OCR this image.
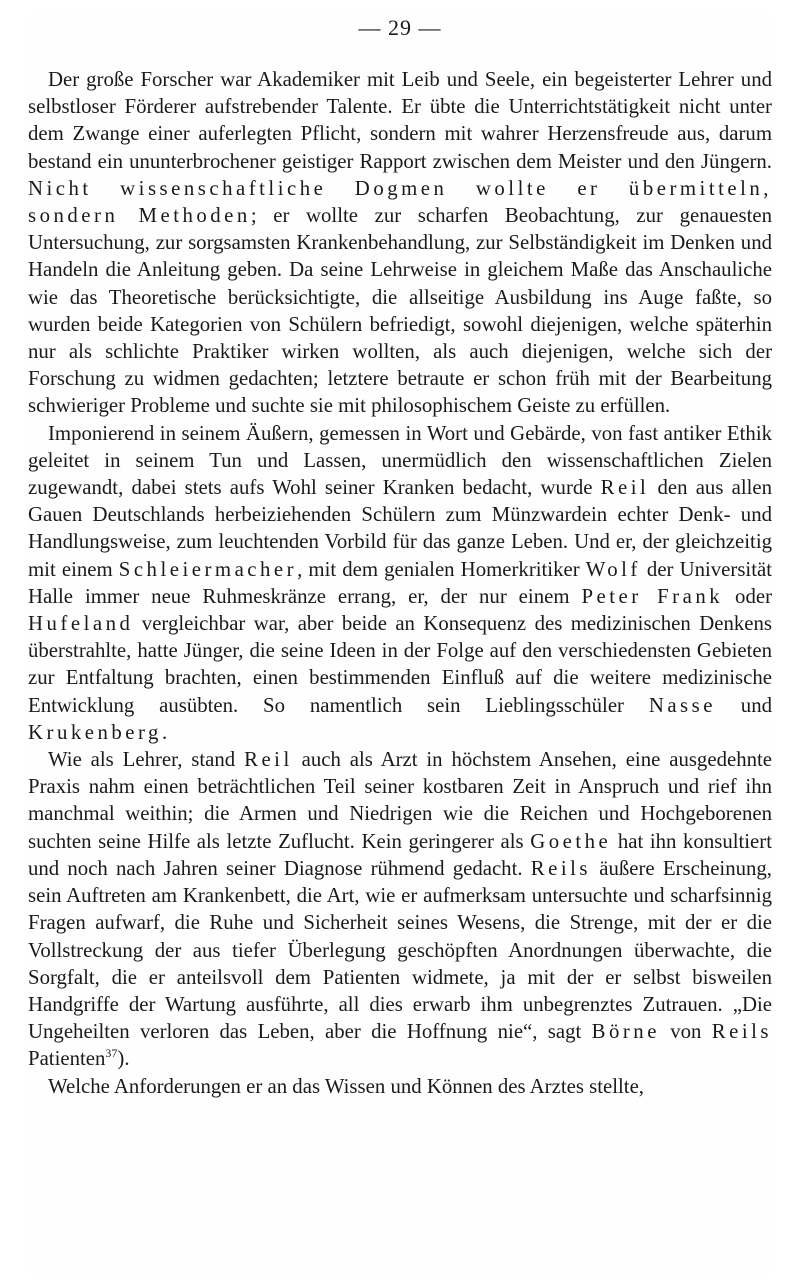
— 29 —

Der große Forscher war Akademiker mit Leib und Seele, ein begeisterter Lehrer und selbstloser Förderer aufstrebender Talente. Er übte die Unterrichtstätigkeit nicht unter dem Zwange einer auferlegten Pflicht, sondern mit wahrer Herzensfreude aus, darum bestand ein ununterbrochener geistiger Rapport zwischen dem Meister und den Jüngern. Nicht wissenschaftliche Dogmen wollte er übermitteln, sondern Methoden; er wollte zur scharfen Beobachtung, zur genauesten Untersuchung, zur sorgsamsten Krankenbehandlung, zur Selbständigkeit im Denken und Handeln die Anleitung geben. Da seine Lehrweise in gleichem Maße das Anschauliche wie das Theoretische berücksichtigte, die allseitige Ausbildung ins Auge faßte, so wurden beide Kategorien von Schülern befriedigt, sowohl diejenigen, welche späterhin nur als schlichte Praktiker wirken wollten, als auch diejenigen, welche sich der Forschung zu widmen gedachten; letztere betraute er schon früh mit der Bearbeitung schwieriger Probleme und suchte sie mit philosophischem Geiste zu erfüllen.

Imponierend in seinem Äußern, gemessen in Wort und Gebärde, von fast antiker Ethik geleitet in seinem Tun und Lassen, unermüdlich den wissenschaftlichen Zielen zugewandt, dabei stets aufs Wohl seiner Kranken bedacht, wurde Reil den aus allen Gauen Deutschlands herbeiziehenden Schülern zum Münzwardein echter Denk- und Handlungsweise, zum leuchtenden Vorbild für das ganze Leben. Und er, der gleichzeitig mit einem Schleiermacher, mit dem genialen Homerkritiker Wolf der Universität Halle immer neue Ruhmeskränze errang, er, der nur einem Peter Frank oder Hufeland vergleichbar war, aber beide an Konsequenz des medizinischen Denkens überstrahlte, hatte Jünger, die seine Ideen in der Folge auf den verschiedensten Gebieten zur Entfaltung brachten, einen bestimmenden Einfluß auf die weitere medizinische Entwicklung ausübten. So namentlich sein Lieblingsschüler Nasse und Krukenberg.

Wie als Lehrer, stand Reil auch als Arzt in höchstem Ansehen, eine ausgedehnte Praxis nahm einen beträchtlichen Teil seiner kostbaren Zeit in Anspruch und rief ihn manchmal weithin; die Armen und Niedrigen wie die Reichen und Hochgeborenen suchten seine Hilfe als letzte Zuflucht. Kein geringerer als Goethe hat ihn konsultiert und noch nach Jahren seiner Diagnose rühmend gedacht. Reils äußere Erscheinung, sein Auftreten am Krankenbett, die Art, wie er aufmerksam untersuchte und scharfsinnig Fragen aufwarf, die Ruhe und Sicherheit seines Wesens, die Strenge, mit der er die Vollstreckung der aus tiefer Überlegung geschöpften Anordnungen überwachte, die Sorgfalt, die er anteilsvoll dem Patienten widmete, ja mit der er selbst bisweilen Handgriffe der Wartung ausführte, all dies erwarb ihm unbegrenztes Zutrauen. „Die Ungeheilten verloren das Leben, aber die Hoffnung nie“, sagt Börne von Reils Patienten$^{37}$).

Welche Anforderungen er an das Wissen und Können des Arztes stellte,
